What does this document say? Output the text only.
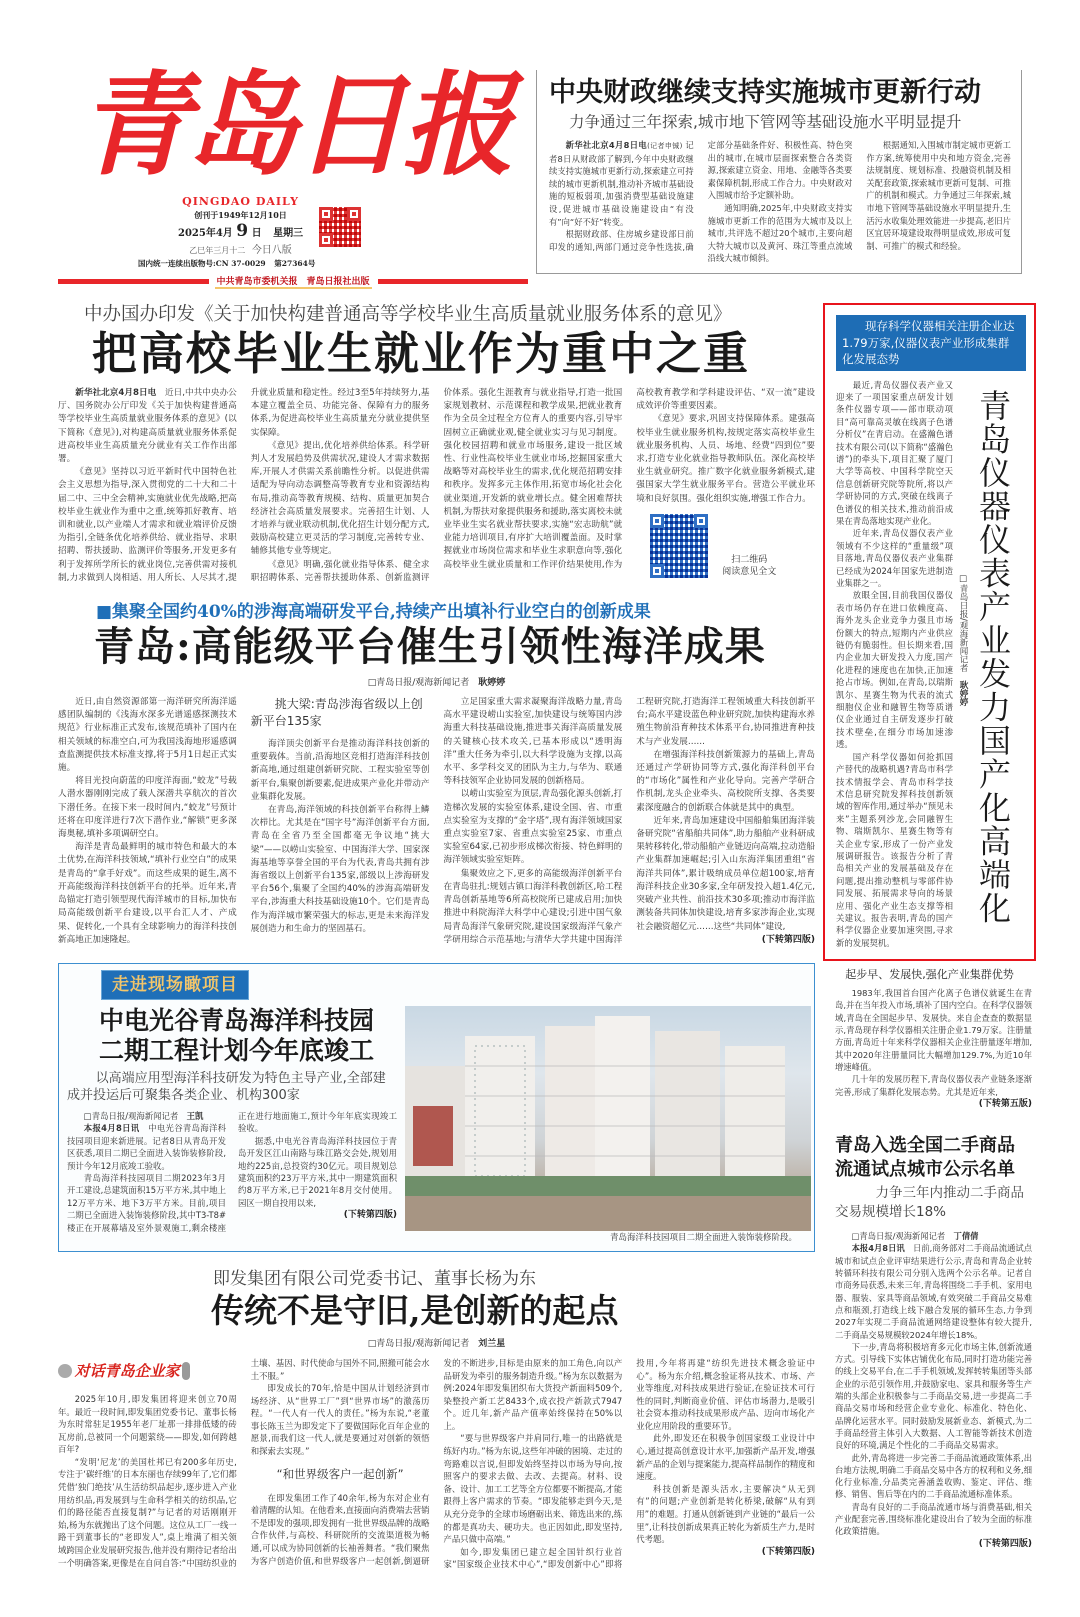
青岛日报
QINGDAO DAILY
创刊于1949年12月10日
2025年4月 9 日 星期三
乙巳年三月十二 今日八版
国内统一连续出版物号:CN 37-0029 第27364号
中共青岛市委机关报　青岛日报社出版
中央财政继续支持实施城市更新行动
力争通过三年探索,城市地下管网等基础设施水平明显提升

新华社北京4月8日电(记者申铖) 记者8日从财政部了解到,今年中央财政继续支持实施城市更新行动,探索建立可持续的城市更新机制,推动补齐城市基础设施的短板弱项,加强消费型基础设施建设,促进城市基础设施建设由“有没有”向“好不好”转变。

根据财政部、住房城乡建设部日前印发的通知,两部门通过竞争性选拔,确定部分基础条件好、积极性高、特色突出的城市,在城市层面探索整合各类资源,探索建立资金、用地、金融等各类要素保障机制,形成工作合力。中央财政对入围城市给予定额补助。

通知明确,2025年,中央财政支持实施城市更新工作的范围为大城市及以上城市,共评选不超过20个城市,主要向超大特大城市以及黄河、珠江等重点流域沿线大城市倾斜。

根据通知,入围城市制定城市更新工作方案,统筹使用中央和地方资金,完善法规制度、规划标准、投融资机制及相关配套政策,探索城市更新可复制、可推广的机制和模式。力争通过三年探索,城市地下管网等基础设施水平明显提升,生活污水收集处理效能进一步提高,老旧片区宜居环境建设取得明显成效,形成可复制、可推广的模式和经验。

中办国办印发《关于加快构建普通高等学校毕业生高质量就业服务体系的意见》
把高校毕业生就业作为重中之重

新华社北京4月8日电　 近日,中共中央办公厅、国务院办公厅印发《关于加快构建普通高等学校毕业生高质量就业服务体系的意见》(以下简称《意见》),对构建高质量就业服务体系促进高校毕业生高质量充分就业有关工作作出部署。

《意见》坚持以习近平新时代中国特色社会主义思想为指导,深入贯彻党的二十大和二十届二中、三中全会精神,实施就业优先战略,把高校毕业生就业作为重中之重,统筹抓好教育、培训和就业,以产业端人才需求和就业端评价反馈为指引,全链条优化培养供给、就业指导、求职招聘、帮扶援助、监测评价等服务,开发更多有利于发挥所学所长的就业岗位,完善供需对接机制,力求做到人岗相适、用人所长、人尽其才,提升就业质量和稳定性。经过3至5年持续努力,基本建立覆盖全员、功能完备、保障有力的服务体系,为促进高校毕业生高质量充分就业提供坚实保障。

《意见》提出,优化培养供给体系。科学研判人才发展趋势及供需状况,建设人才需求数据库,开展人才供需关系前瞻性分析。以促进供需适配为导向动态调整高等教育专业和资源结构布局,推动高等教育规模、结构、质量更加契合经济社会高质量发展要求。完善招生计划、人才培养与就业联动机制,优化招生计划分配方式,鼓励高校建立更灵活的学习制度,完善转专业、辅修其他专业等规定。

《意见》明确,强化就业指导体系、健全求职招聘体系、完善帮扶援助体系、创新监测评价体系。强化生涯教育与就业指导,打造一批国家规划教材、示范课程和教学成果,把就业教育作为全员全过程全方位育人的重要内容,引导牢固树立正确就业观,健全就业实习与见习制度。强化校园招聘和就业市场服务,建设一批区域性、行业性高校毕业生就业市场,挖掘国家重大战略等对高校毕业生的需求,优化规范招聘安排和秩序。发挥多元主体作用,拓宽市场化社会化就业渠道,开发新的就业增长点。健全困难帮扶机制,为帮扶对象提供服务和援助,落实离校未就业毕业生实名就业帮扶要求,实施“宏志助航”就业能力培训项目,有序扩大培训覆盖面。及时掌握就业市场岗位需求和毕业生求职意向等,强化高校毕业生就业质量和工作评价结果使用,作为高校教育教学和学科建设评估、“双一流”建设成效评价等重要因素。

《意见》要求,巩固支持保障体系。建强高校毕业生就业服务机构,按规定落实高校毕业生就业服务机构、人员、场地、经费“四到位”要求,打造专业化就业指导教师队伍。深化高校毕业生就业研究。推广数字化就业服务新模式,建强国家大学生就业服务平台。营造公平就业环境和良好氛围。强化组织实施,增强工作合力。

扫二维码
阅读意见全文
■集聚全国约40%的涉海高端研发平台,持续产出填补行业空白的创新成果
青岛:高能级平台催生引领性海洋成果
□青岛日报/观海新闻记者　 耿婷婷

近日,由自然资源部第一海洋研究所海洋遥感团队编制的《浅海水深多光谱遥感探测技术规范》行业标准正式发布,该规范填补了国内在相关领域的标准空白,可为我国浅海地形遥感调查监测提供技术标准支撑,将于5月1日起正式实施。

将目光投向蔚蓝的印度洋海面,“蛟龙”号载人潜水器刚刚完成了载人深潜共享航次的首次下潜任务。在接下来一段时间内,“蛟龙”号预计还将在印度洋进行7次下潜作业,“解锁”更多深海奥秘,填补多项调研空白。

海洋是青岛最鲜明的城市特色和最大的本土优势,在海洋科技领域,“填补行业空白”的成果是青岛的“拿手好戏”。而这些成果的诞生,离不开高能级海洋科技创新平台的托举。近年来,青岛锚定打造引领型现代海洋城市的目标,加快布局高能级创新平台建设,以平台汇人才、产成果、促转化,一个具有全球影响力的海洋科技创新高地正加速隆起。

挑大梁:青岛涉海省级以上创新平台135家

海洋顶尖创新平台是推动海洋科技创新的重要载体。当前,沿海地区竞相打造海洋科技创新高地,通过组建创新研究院、工程实验室等创新平台,集聚创新要素,促进成果产业化并带动产业集群化发展。

在青岛,海洋领域的科技创新平台称得上鳞次栉比。尤其是在“国字号”海洋创新平台方面,青岛在全省乃至全国都毫无争议地“挑大梁”——以崂山实验室、中国海洋大学、国家深海基地等享誉全国的平台为代表,青岛共拥有涉海省级以上创新平台135家,部级以上涉海研发平台56个,集聚了全国约40%的涉海高端研发平台,涉海重大科技基础设施10个。它们是青岛作为海洋城市繁荣强大的标志,更是未来海洋发展创造力和生命力的坚固基石。

立足国家重大需求凝聚海洋战略力量,青岛高水平建设崂山实验室,加快建设与统筹国内涉海重大科技基础设施,推进事关海洋高质量发展的关键核心技术攻关,已基本形成以“透明海洋”重大任务为牵引,以大科学设施为支撑,以高水平、多学科交叉的团队为主力,与华为、联通等科技领军企业协同发展的创新格局。

以崂山实验室为顶层,青岛强化源头创新,打造梯次发展的实验室体系,建设全国、省、市重点实验室为支撑的“金字塔”,现有海洋领域国家重点实验室7家、省重点实验室25家、市重点实验室64家,已初步形成梯次衔接、特色鲜明的海洋领域实验室矩阵。

集聚效应之下,更多的高能级海洋创新平台在青岛驻扎:规划古镇口海洋科教创新区,哈工程青岛创新基地等6所高校院所已建成启用;加快推进中科院海洋大科学中心建设;引进中国气象局青岛海洋气象研究院,建设国家级海洋气象产学研用综合示范基地;与清华大学共建中国海洋工程研究院,打造海洋工程领域重大科技创新平台;高水平建设蓝色种业研究院,加快构建海水养殖生物前沿育种技术体系平台,协同推进育种技术与产业发展……

在增强海洋科技创新策源力的基础上,青岛还通过产学研协同等方式,强化海洋科创平台的“市场化”属性和产业化导向。完善产学研合作机制,龙头企业牵头、高校院所支撑、各类要素深度融合的创新联合体就是其中的典型。

近年来,青岛加速建设中国船舶集团海洋装备研究院“省船舶共同体”,助力船舶产业科研成果转移转化,带动船舶产业链迈向高端,拉动造船产业集群加速崛起;引入山东海洋集团重组“省海洋共同体”,累计吸纳成员单位超100家,培育海洋科技企业30多家,全年研发投入超1.4亿元,突破产业共性、前沿技术30多项;推动市海洋监测装备共同体加快建设,培育多家涉海企业,实现社会融资超亿元……这些“共同体”建设,

(下转第四版)
走进现场瞰项目
中电光谷青岛海洋科技园
二期工程计划今年底竣工
以高端应用型海洋科技研发为特色主导产业,全部建成并投运后可聚集各类企业、机构300家

□青岛日报/观海新闻记者　 王凯

本报4月8日讯　 中电光谷青岛海洋科技园项目迎来新进展。记者8日从青岛开发区获悉,项目二期已全面进入装饰装修阶段,预计今年12月底竣工验收。

青岛海洋科技园项目二期2023年3月开工建设,总建筑面积15万平方米,其中地上12万平方米、地下3万平方米。目前,项目二期已全面进入装饰装修阶段,其中T3-T8#楼正在开展幕墙及室外景观施工,剩余楼座正在进行地面施工,预计今年年底实现竣工验收。

据悉,中电光谷青岛海洋科技园位于青岛开发区江山南路与珠江路交会处,规划用地约225亩,总投资约30亿元。项目规划总建筑面积约23万平方米,其中一期建筑面积约8万平方米,已于2021年8月交付使用。园区一期自投用以来,

(下转第四版)
青岛海洋科技园项目二期全面进入装饰装修阶段。
即发集团有限公司党委书记、董事长杨为东
传统不是守旧,是创新的起点
□青岛日报/观海新闻记者　 刘兰星
对话青岛企业家

2025年10月,即发集团将迎来创立70周年。最近一段时间,即发集团党委书记、董事长杨为东时常驻足1955年老厂址那一排排低矮的砖瓦房前,总被同一个问题萦绕——即发,如何跨越百年?

“发明‘尼龙’的美国杜邦已有200多年历史,专注于‘碳纤维’的日本东丽也存续99年了,它们都凭借‘独门绝技’从生活纺织品起步,逐步进入产业用纺织品,再发展到与生命科学相关的纺织品,它们的路径能否直接复制?”与记者的对话刚刚开始,杨为东就抛出了这个问题。这位从工厂一线一路干到董事长的“老即发人”,桌上堆满了相关领域跨国企业发展研究报告,他并没有期待记者给出一个明确答案,更像是在自问自答:“中国纺织业的土壤、基因、时代使命与国外不同,照搬可能会水土不服。”

即发成长的70年,恰是中国从计划经济到市场经济、从“世界工厂”到“世界市场”的激荡历程。“一代人有一代人的责任。”杨为东说,“老董事长陈玉兰为即发定下了要做国际化百年企业的愿景,而我们这一代人,就是要通过对创新的领悟和探索去实现。”

“和世界级客户一起创新”

在即发集团工作了40余年,杨为东对企业有着清醒的认知。在他看来,直接面向消费端去营销不是即发的强项,即发拥有一批世界级品牌的战略合作伙伴,与高校、科研院所的交流渠道极为畅通,可以成为协同创新的长袖善舞者。“我们聚焦为客户创造价值,和世界级客户一起创新,倒逼研发的不断进步,目标是由原来的加工角色,向以产品研发为牵引的服务制造升级。”杨为东以数据为例:2024年即发集团织布大货投产新面料509个,染整投产新工艺8433个,成衣投产新款式7947个。近几年,新产品产值率始终保持在50%以上。

“要与世界级客户并肩同行,唯一的出路就是练好内功。”杨为东说,这些年冲破的困境、走过的弯路难以言说,但即发始终坚持以市场为导向,按照客户的要求去做、去改、去提高。材料、设备、设计、加工工艺等全方位都要不断提高,才能跟得上客户需求的节奏。“即发能够走到今天,是从充分竞争的全球市场磨砺出来、筛选出来的,练的都是真功夫、硬功夫。也正因如此,即发坚持,产品只做中高端。”

如今,即发集团已建立起全国针织行业首家“国家级企业技术中心”,“即发创新中心”即将投用,今年将再建“纺织先进技术概念验证中心”。杨为东介绍,概念验证将从技术、市场、产业等维度,对科技成果进行验证,在验证技术可行性的同时,判断商业价值、评估市场潜力,是吸引社会资本推动科技成果形成产品、迈向市场化产业化应用阶段的重要环节。

此外,即发还在积极争创国家级工业设计中心,通过提高创意设计水平,加强新产品开发,增强新产品的企划与提案能力,提高样品制作的精度和速度。

科技创新是源头活水,主要解决“从无到有”的问题;产业创新是转化桥梁,破解“从有到用”的难题。打通从创新链到产业链的“最后一公里”,让科技创新成果真正转化为新质生产力,是时代考题。

(下转第四版)
现存科学仪器相关注册企业达1.79万家,仪器仪表产业形成集群化发展态势

最近,青岛仪器仪表产业又迎来了一项国家重点研发计划条件仪器专项——部市联动项目“高可靠高灵敏在线离子色谱分析仪”在青启动。在盛瀚色谱技术有限公司(以下简称“盛瀚色谱”)的牵头下,项目汇聚了厦门大学等高校、中国科学院空天信息创新研究院等院所,将以产学研协同的方式,突破在线离子色谱仪的相关技术,推动前沿成果在青岛落地实现产业化。

近年来,青岛仪器仪表产业领域有不少这样的“重量级”项目落地,青岛仪器仪表产业集群已经成为2024年国家先进制造业集群之一。

放眼全国,目前我国仪器仪表市场仍存在进口依赖度高、海外龙头企业竞争力强且市场份额大的特点,短期内产业供应链仍有脆弱性。但长期来看,国内企业加大研发投入力度,国产化进程的速度也在加快,正加速抢占市场。例如,在青岛,以瑞斯凯尔、星赛生物为代表的流式细胞仪企业和融智生物等质谱仪企业通过自主研发逐步打破技术壁垒,在细分市场加速渗透。

国产科学仪器如何抢抓国产替代的战略机遇?青岛市科学技术情报学会、青岛市科学技术信息研究院发挥科技创新领域的智库作用,通过举办“预见未来”主题系列沙龙,会同融智生物、瑞斯凯尔、星赛生物等有关企业专家,形成了一份产业发展调研报告。该报告分析了青岛相关产业的发展基础及存在问题,提出推动整机与零部件协同发展、拓展需求导向的场景应用、强化产业生态支撑等相关建议。报告表明,青岛的国产科学仪器企业要加速突围,寻求新的发展契机。

□青岛日报/观海新闻记者　耿婷婷 青岛仪器仪表产业发力国产化高端化
起步早、发展快,强化产业集群优势

1983年,我国首台国产化离子色谱仪就诞生在青岛,并在当年投入市场,填补了国内空白。在科学仪器领域,青岛在全国起步早、发展快。来自企查查的数据显示,青岛现存科学仪器相关注册企业1.79万家。注册量方面,青岛近十年来科学仪器相关企业注册量逐年增加,其中2020年注册量同比大幅增加129.7%,为近10年增速峰值。

几十年的发展历程下,青岛仪器仪表产业链条逐渐完善,形成了集群化发展态势。尤其是近年来,

(下转第五版)
青岛入选全国二手商品
流通试点城市公示名单
力争三年内推动二手商品交易规模增长18%

□青岛日报/观海新闻记者　 丁倩倩

本报4月8日讯　 日前,商务部对二手商品流通试点城市和试点企业评审结果进行公示,青岛和青岛企业转转循环科技有限公司分别入选两个公示名单。记者自市商务局获悉,未来三年,青岛将围绕二手手机、家用电器、服装、家具等商品领域,有效突破二手商品交易难点和瓶颈,打造线上线下融合发展的循环生态,力争到2027年实现二手商品流通网络建设整体有较大提升,二手商品交易规模较2024年增长18%。

下一步,青岛将积极培育多元化市场主体,创新流通方式。引导线下实体店铺优化布局,同时打造功能完善的线上交易平台,在二手手机领域,发挥转转集团等头部企业的示范引领作用,并鼓励家电、家具和服务等生产端的头部企业积极参与二手商品交易,进一步提高二手商品交易市场和经营企业专业化、标准化、特色化、品牌化运营水平。同时鼓励发展新业态、新模式,为二手商品经营主体引入大数据、人工智能等新技术创造良好的环境,满足个性化的二手商品交易需求。

此外,青岛将进一步完善二手商品流通政策体系,出台地方法规,明确二手商品交易中各方的权利和义务,细化行业标准,分品类完善涵盖收购、鉴定、评估、维修、销售、售后等在内的二手商品流通标准体系。

青岛有良好的二手商品流通市场与消费基础,相关产业配套完善,围绕标准化建设出台了较为全面的标准化政策措施。

(下转第四版)
